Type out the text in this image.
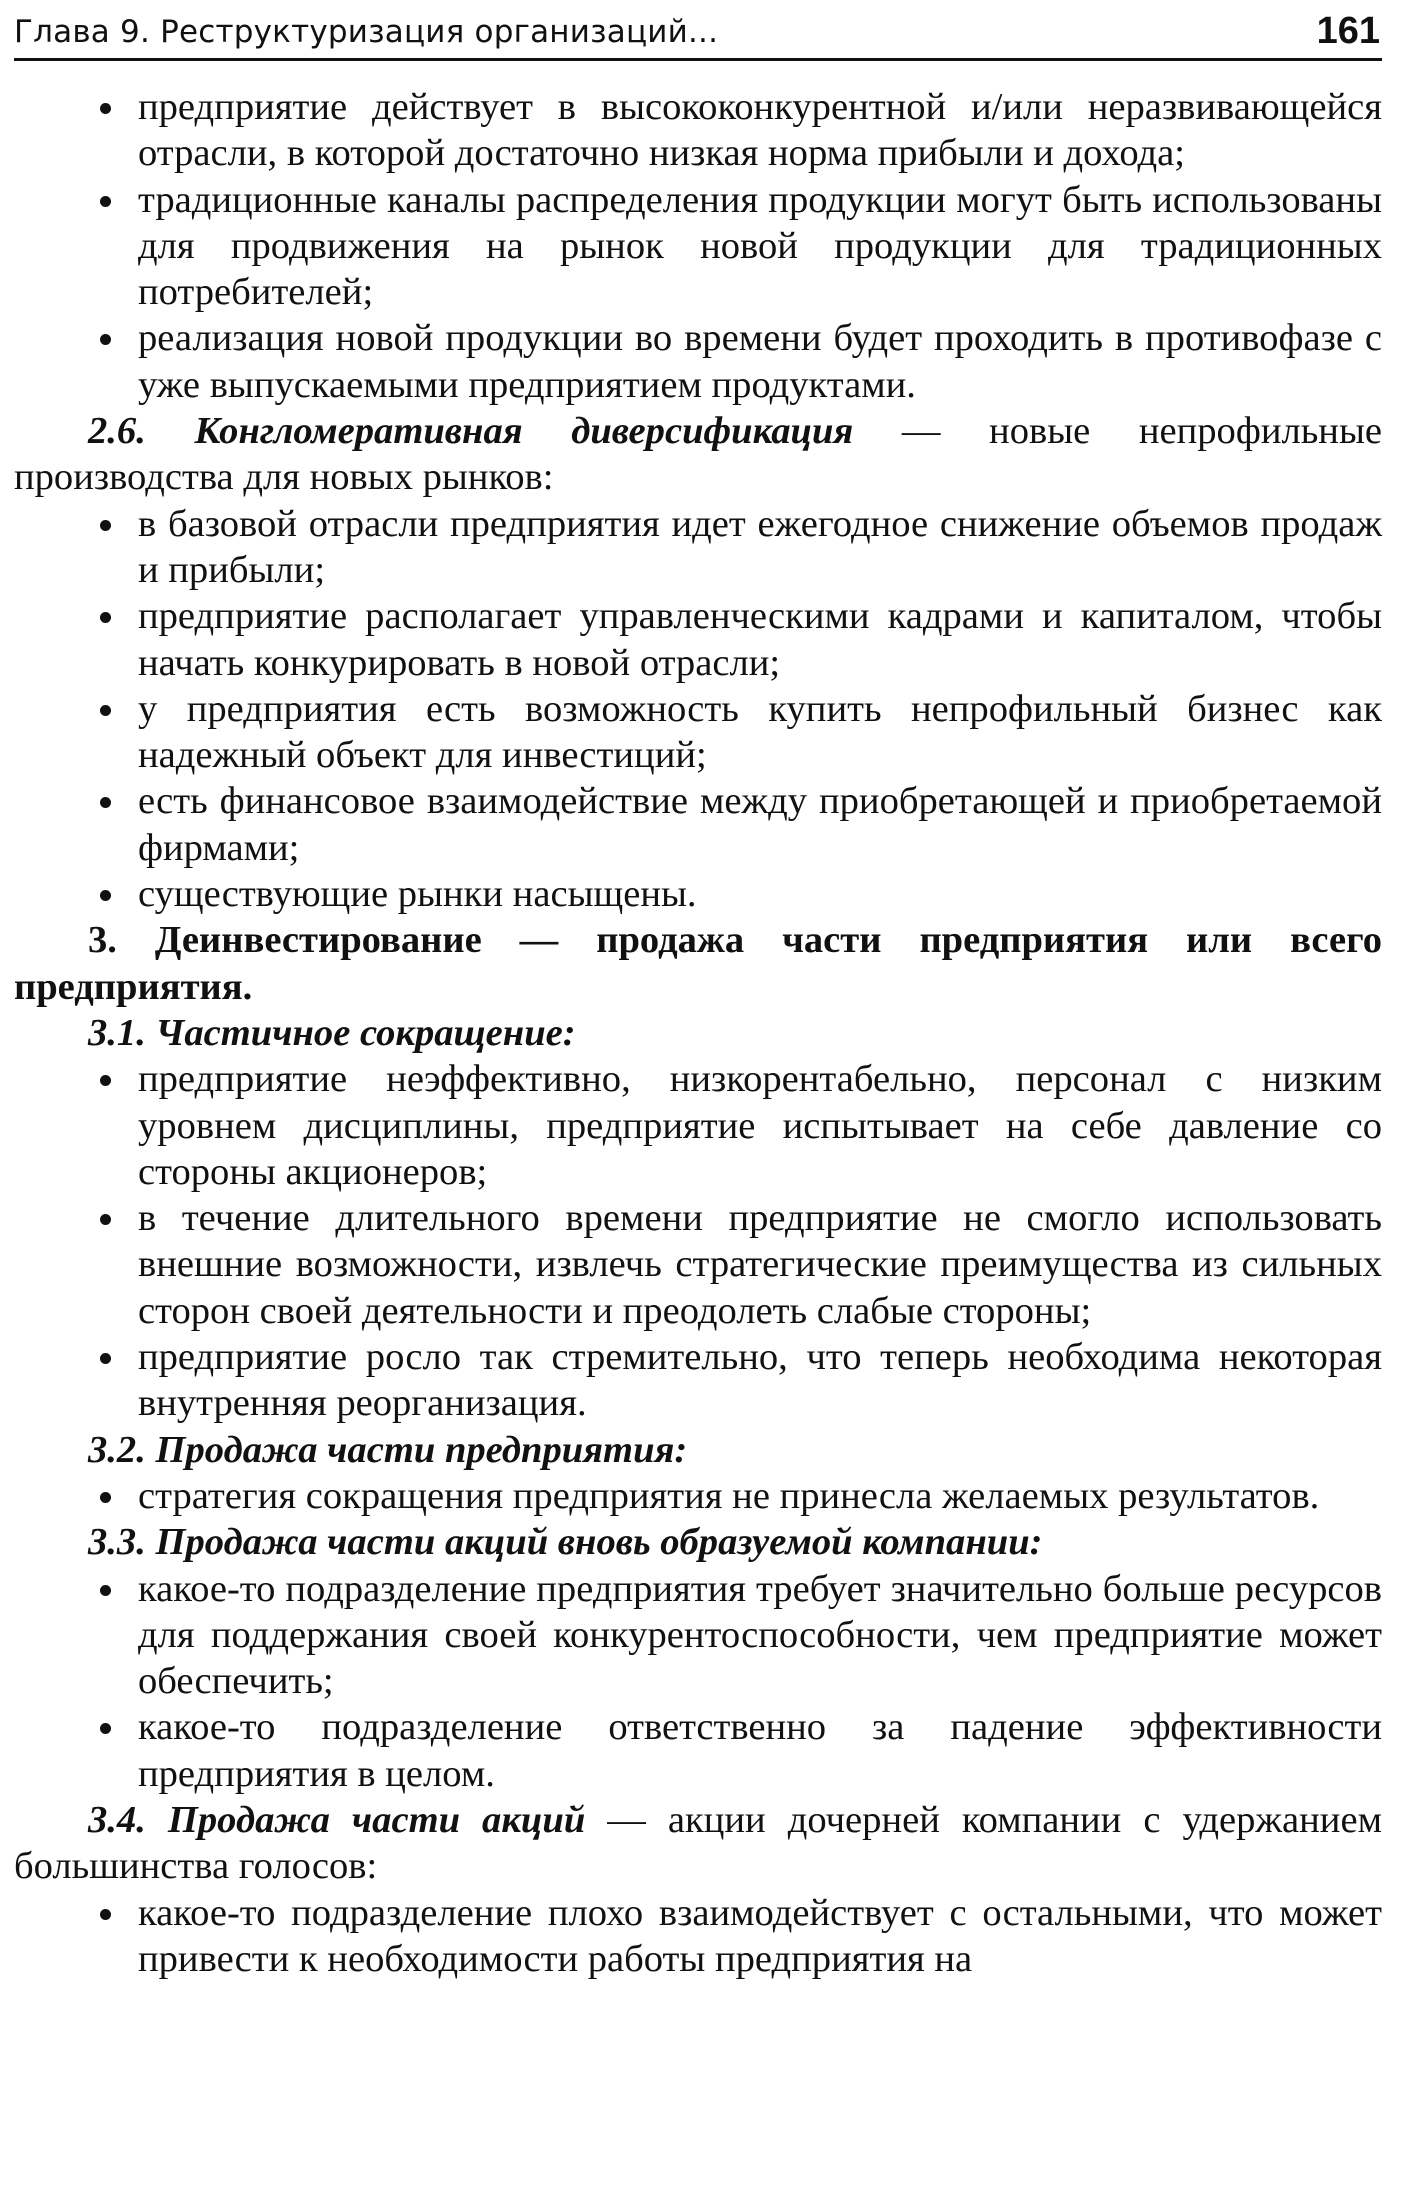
Глава 9. Реструктуризация организаций...	161
предприятие действует в высококонкурентной и/или неразвивающейся отрасли, в которой достаточно низкая норма прибыли и дохода;
традиционные каналы распределения продукции могут быть использованы для продвижения на рынок новой продукции для традиционных потребителей;
реализация новой продукции во времени будет проходить в противофазе с уже выпускаемыми предприятием продуктами.

2.6. Конгломеративная диверсификация — новые непрофильные производства для новых рынков:

в базовой отрасли предприятия идет ежегодное снижение объемов продаж и прибыли;
предприятие располагает управленческими кадрами и капиталом, чтобы начать конкурировать в новой отрасли;
у предприятия есть возможность купить непрофильный бизнес как надежный объект для инвестиций;
есть финансовое взаимодействие между приобретающей и приобретаемой фирмами;
существующие рынки насыщены.

3. Деинвестирование — продажа части предприятия или всего предприятия.

3.1. Частичное сокращение:

предприятие неэффективно, низкорентабельно, персонал с низким уровнем дисциплины, предприятие испытывает на себе давление со стороны акционеров;
в течение длительного времени предприятие не смогло использовать внешние возможности, извлечь стратегические преимущества из сильных сторон своей деятельности и преодолеть слабые стороны;
предприятие росло так стремительно, что теперь необходима некоторая внутренняя реорганизация.

3.2. Продажа части предприятия:

стратегия сокращения предприятия не принесла желаемых результатов.

3.3. Продажа части акций вновь образуемой компании:

какое-то подразделение предприятия требует значительно больше ресурсов для поддержания своей конкурентоспособности, чем предприятие может обеспечить;
какое-то подразделение ответственно за падение эффективности предприятия в целом.

3.4. Продажа части акций — акции дочерней компании с удержанием большинства голосов:

какое-то подразделение плохо взаимодействует с остальными, что может привести к необходимости работы предприятия на
